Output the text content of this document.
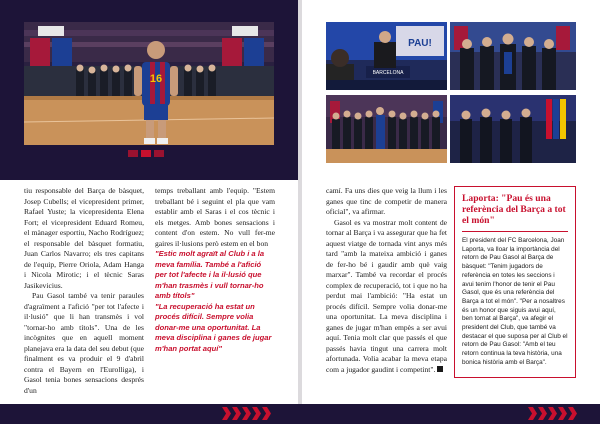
16
PAU!
BARCELONA

tiu responsable del Barça de bàsquet, Josep Cubells; el vicepresident primer, Rafael Yuste; la vicepresidenta Elena Fort; el vicepresident Eduard Romeu, el mànager esportiu, Nacho Rodríguez; el responsable del bàsquet formatiu, Juan Carlos Navarro; els tres capitans de l'equip, Pierre Oriola, Adam Hanga i Nicola Mirotic; i el tècnic Saras Jasikevicius.

Pau Gasol també va tenir paraules d'agraïment a l'afició "per tot l'afecte i il·lusió" que li han transmès i vol "tornar-ho amb títols". Una de les incògnites que en aquell moment planejava era la data del seu debut (que finalment es va produir el 9 d'abril contra el Bayern en l'Eurolliga), i Gasol tenia bones sensacions després d'un

temps treballant amb l'equip. "Estem treballant bé i seguint el pla que vam establir amb el Saras i el cos tècnic i els metges. Amb bones sensacions i content d'on estem. No vull fer-me gaires il·lusions però estem en el bon

"Estic molt agraït al Club i a la meva família. També a l'afició per tot l'afecte i la il·lusió que m'han trasmès i vull tornar-ho amb títols"

"La recuperació ha estat un procés difícil. Sempre volia donar-me una oportunitat. La meva disciplina i ganes de jugar m'han portat aquí"

camí. Fa uns dies que veig la llum i les ganes que tinc de competir de manera oficial", va afirmar.

Gasol es va mostrar molt content de tornar al Barça i va assegurar que ha fet aquest viatge de tornada vint anys més tard "amb la mateixa ambició i ganes de fer-ho bé i gaudir amb què vaig marxar". També va recordar el procés complex de recuperació, tot i que no ha perdut mai l'ambició: "Ha estat un procés difícil. Sempre volia donar-me una oportunitat. La meva disciplina i ganes de jugar m'han empès a ser avui aquí. Tenia molt clar que passés el que passés havia tingut una carrera molt afortunada. Volia acabar la meva etapa com a jugador gaudint i competint".

Laporta: "Pau és una referència del Barça a tot el món"
El president del FC Barcelona, Joan Laporta, va lloar la importància del retorn de Pau Gasol al Barça de bàsquet: "Tenim jugadors de referència en totes les seccions i avui tenim l'honor de tenir el Pau Gasol, que és una referència del Barça a tot el món". "Per a nosaltres és un honor que siguis avui aquí, ben tornat al Barça", va afegir el president del Club, que també va destacar el que suposa per al Club el retorn de Pau Gasol: "Amb el teu retorn continua la teva història, una bonica història amb el Barça".
